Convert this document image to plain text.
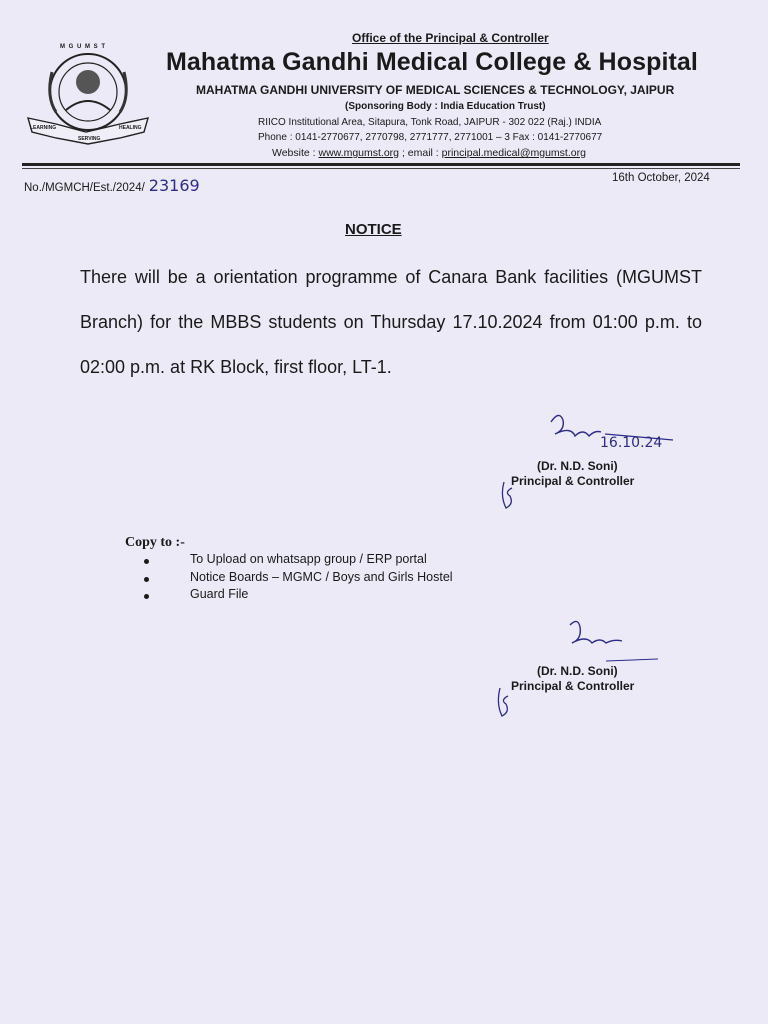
M G U M S T
LEARNING
SERVING
HEALING
Office of the Principal & Controller
Mahatma Gandhi Medical College & Hospital
MAHATMA GANDHI UNIVERSITY OF MEDICAL SCIENCES & TECHNOLOGY, JAIPUR
(Sponsoring Body : India Education Trust)
RIICO Institutional Area, Sitapura, Tonk Road, JAIPUR - 302 022 (Raj.) INDIA
Phone : 0141-2770677, 2770798, 2771777, 2771001 – 3 Fax : 0141-2770677
Website : www.mgumst.org ; email : principal.medical@mgumst.org
No./MGMCH/Est./2024/ 23169	16th October, 2024
NOTICE
There will be a orientation programme of Canara Bank facilities (MGUMST Branch) for the MBBS students on Thursday 17.10.2024 from 01:00 p.m. to 02:00 p.m. at RK Block, first floor, LT-1.
16.10.24
(Dr. N.D. Soni)
Principal & Controller
Copy to :-
To Upload on whatsapp group / ERP portal
Notice Boards – MGMC / Boys and Girls Hostel
Guard File
(Dr. N.D. Soni)
Principal & Controller
